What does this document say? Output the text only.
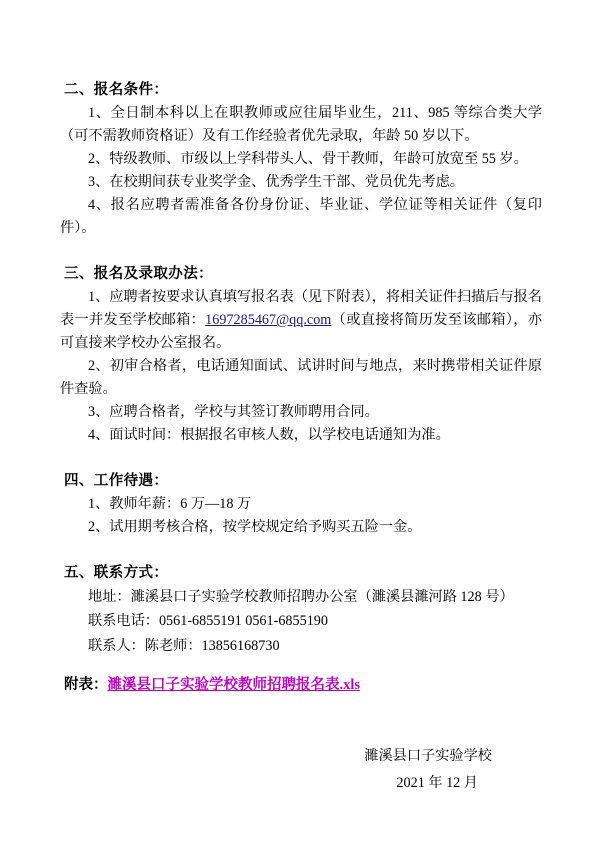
二、报名条件：

1、全日制本科以上在职教师或应往届毕业生，211、985 等综合类大学（可不需教师资格证）及有工作经验者优先录取，年龄 50 岁以下。

2、特级教师、市级以上学科带头人、骨干教师，年龄可放宽至 55 岁。

3、在校期间获专业奖学金、优秀学生干部、党员优先考虑。

4、报名应聘者需准备各份身份证、毕业证、学位证等相关证件（复印件）。

三、报名及录取办法：

1、应聘者按要求认真填写报名表（见下附表），将相关证件扫描后与报名表一并发至学校邮箱：1697285467@qq.com（或直接将简历发至该邮箱），亦可直接来学校办公室报名。

2、初审合格者，电话通知面试、试讲时间与地点，来时携带相关证件原件查验。

3、应聘合格者，学校与其签订教师聘用合同。

4、面试时间：根据报名审核人数，以学校电话通知为准。

四、工作待遇：

1、教师年薪：6 万—18 万

2、试用期考核合格，按学校规定给予购买五险一金。

五、联系方式：

地址：濉溪县口子实验学校教师招聘办公室（濉溪县濉河路 128 号）

联系电话：0561-6855191 0561-6855190

联系人：陈老师：13856168730

附表：濉溪县口子实验学校教师招聘报名表.xls
濉溪县口子实验学校
2021 年 12 月
